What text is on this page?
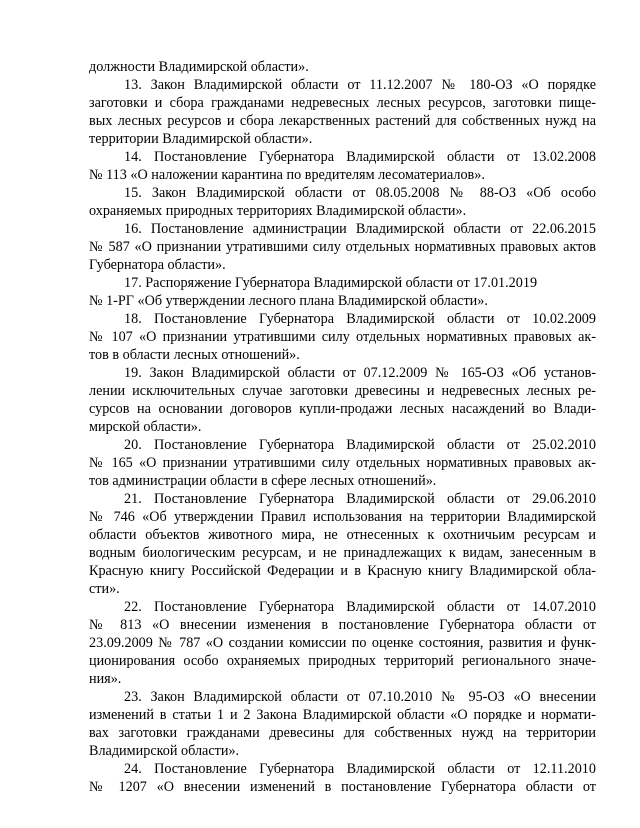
должности Владимирской области».
13. Закон Владимирской области от 11.12.2007 № 180-ОЗ «О порядке
заготовки и сбора гражданами недревесных лесных ресурсов, заготовки пище-
вых лесных ресурсов и сбора лекарственных растений для собственных нужд на
территории Владимирской области».
14. Постановление Губернатора Владимирской области от 13.02.2008
№ 113 «О наложении карантина по вредителям лесоматериалов».
15. Закон Владимирской области от 08.05.2008 № 88-ОЗ «Об особо
охраняемых природных территориях Владимирской области».
16. Постановление администрации Владимирской области от 22.06.2015
№ 587 «О признании утратившими силу отдельных нормативных правовых актов
Губернатора области».
17. Распоряжение Губернатора Владимирской области от 17.01.2019
№ 1-РГ «Об утверждении лесного плана Владимирской области».
18. Постановление Губернатора Владимирской области от 10.02.2009
№ 107 «О признании утратившими силу отдельных нормативных правовых ак-
тов в области лесных отношений».
19. Закон Владимирской области от 07.12.2009 № 165-ОЗ «Об установ-
лении исключительных случае заготовки древесины и недревесных лесных ре-
сурсов на основании договоров купли-продажи лесных насаждений во Влади-
мирской области».
20. Постановление Губернатора Владимирской области от 25.02.2010
№ 165 «О признании утратившими силу отдельных нормативных правовых ак-
тов администрации области в сфере лесных отношений».
21. Постановление Губернатора Владимирской области от 29.06.2010
№ 746 «Об утверждении Правил использования на территории Владимирской
области объектов животного мира, не отнесенных к охотничьим ресурсам и
водным биологическим ресурсам, и не принадлежащих к видам, занесенным в
Красную книгу Российской Федерации и в Красную книгу Владимирской обла-
сти».
22. Постановление Губернатора Владимирской области от 14.07.2010
№ 813 «О внесении изменения в постановление Губернатора области от
23.09.2009 № 787 «О создании комиссии по оценке состояния, развития и функ-
ционирования особо охраняемых природных территорий регионального значе-
ния».
23. Закон Владимирской области от 07.10.2010 № 95-ОЗ «О внесении
изменений в статьи 1 и 2 Закона Владимирской области «О порядке и нормати-
вах заготовки гражданами древесины для собственных нужд на территории
Владимирской области».
24. Постановление Губернатора Владимирской области от 12.11.2010
№ 1207 «О внесении изменений в постановление Губернатора области от
